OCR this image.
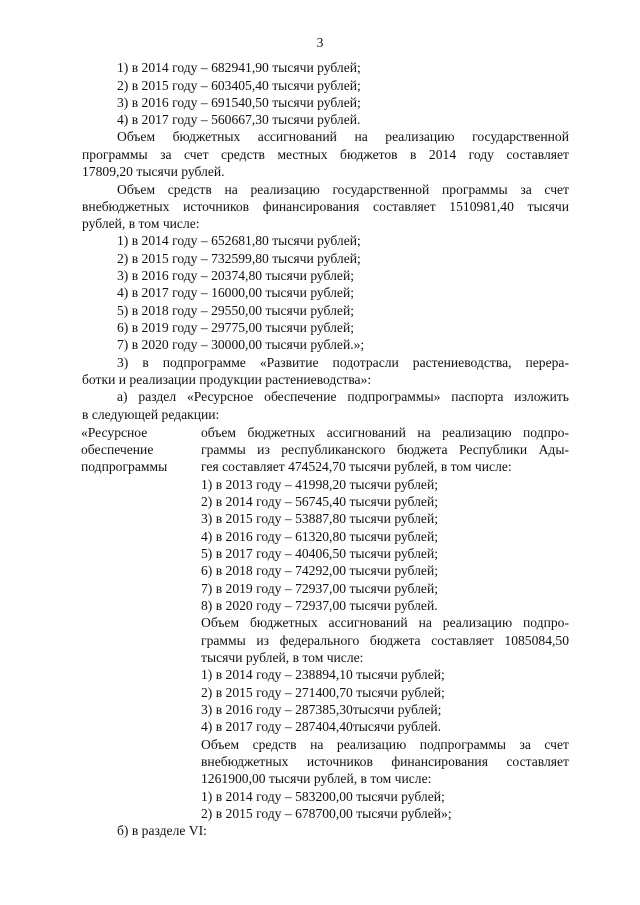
3
1) в 2014 году – 682941,90 тысячи рублей;
2) в 2015 году – 603405,40 тысячи рублей;
3) в 2016 году – 691540,50 тысячи рублей;
4) в 2017 году – 560667,30 тысячи рублей.
Объем бюджетных ассигнований на реализацию государственной
программы за счет средств местных бюджетов в 2014 году составляет
17809,20 тысячи рублей.
Объем средств на реализацию государственной программы за счет
внебюджетных источников финансирования составляет 1510981,40 тысячи
рублей, в том числе:
1) в 2014 году – 652681,80 тысячи рублей;
2) в 2015 году – 732599,80 тысячи рублей;
3) в 2016 году – 20374,80 тысячи рублей;
4) в 2017 году – 16000,00 тысячи рублей;
5) в 2018 году – 29550,00 тысячи рублей;
6) в 2019 году – 29775,00 тысячи рублей;
7) в 2020 году – 30000,00 тысячи рублей.»;
3) в подпрограмме «Развитие подотрасли растениеводства, перера-
ботки и реализации продукции растениеводства»:
а) раздел «Ресурсное обеспечение подпрограммы» паспорта изложить
в следующей редакции:
«Ресурсное
обеспечение
подпрограммы
объем бюджетных ассигнований на реализацию подпро-
граммы из республиканского бюджета Республики Ады-
гея составляет 474524,70 тысячи рублей, в том числе:
1) в 2013 году – 41998,20 тысячи рублей;
2) в 2014 году – 56745,40 тысячи рублей;
3) в 2015 году – 53887,80 тысячи рублей;
4) в 2016 году – 61320,80 тысячи рублей;
5) в 2017 году – 40406,50 тысячи рублей;
6) в 2018 году – 74292,00 тысячи рублей;
7) в 2019 году – 72937,00 тысячи рублей;
8) в 2020 году – 72937,00 тысячи рублей.
Объем бюджетных ассигнований на реализацию подпро-
граммы из федерального бюджета составляет 1085084,50
тысячи рублей, в том числе:
1) в 2014 году – 238894,10 тысячи рублей;
2) в 2015 году – 271400,70 тысячи рублей;
3) в 2016 году – 287385,30тысячи рублей;
4) в 2017 году – 287404,40тысячи рублей.
Объем средств на реализацию подпрограммы за счет
внебюджетных источников финансирования составляет
1261900,00 тысячи рублей, в том числе:
1) в 2014 году – 583200,00 тысячи рублей;
2) в 2015 году – 678700,00 тысячи рублей»;
б) в разделе VI:
